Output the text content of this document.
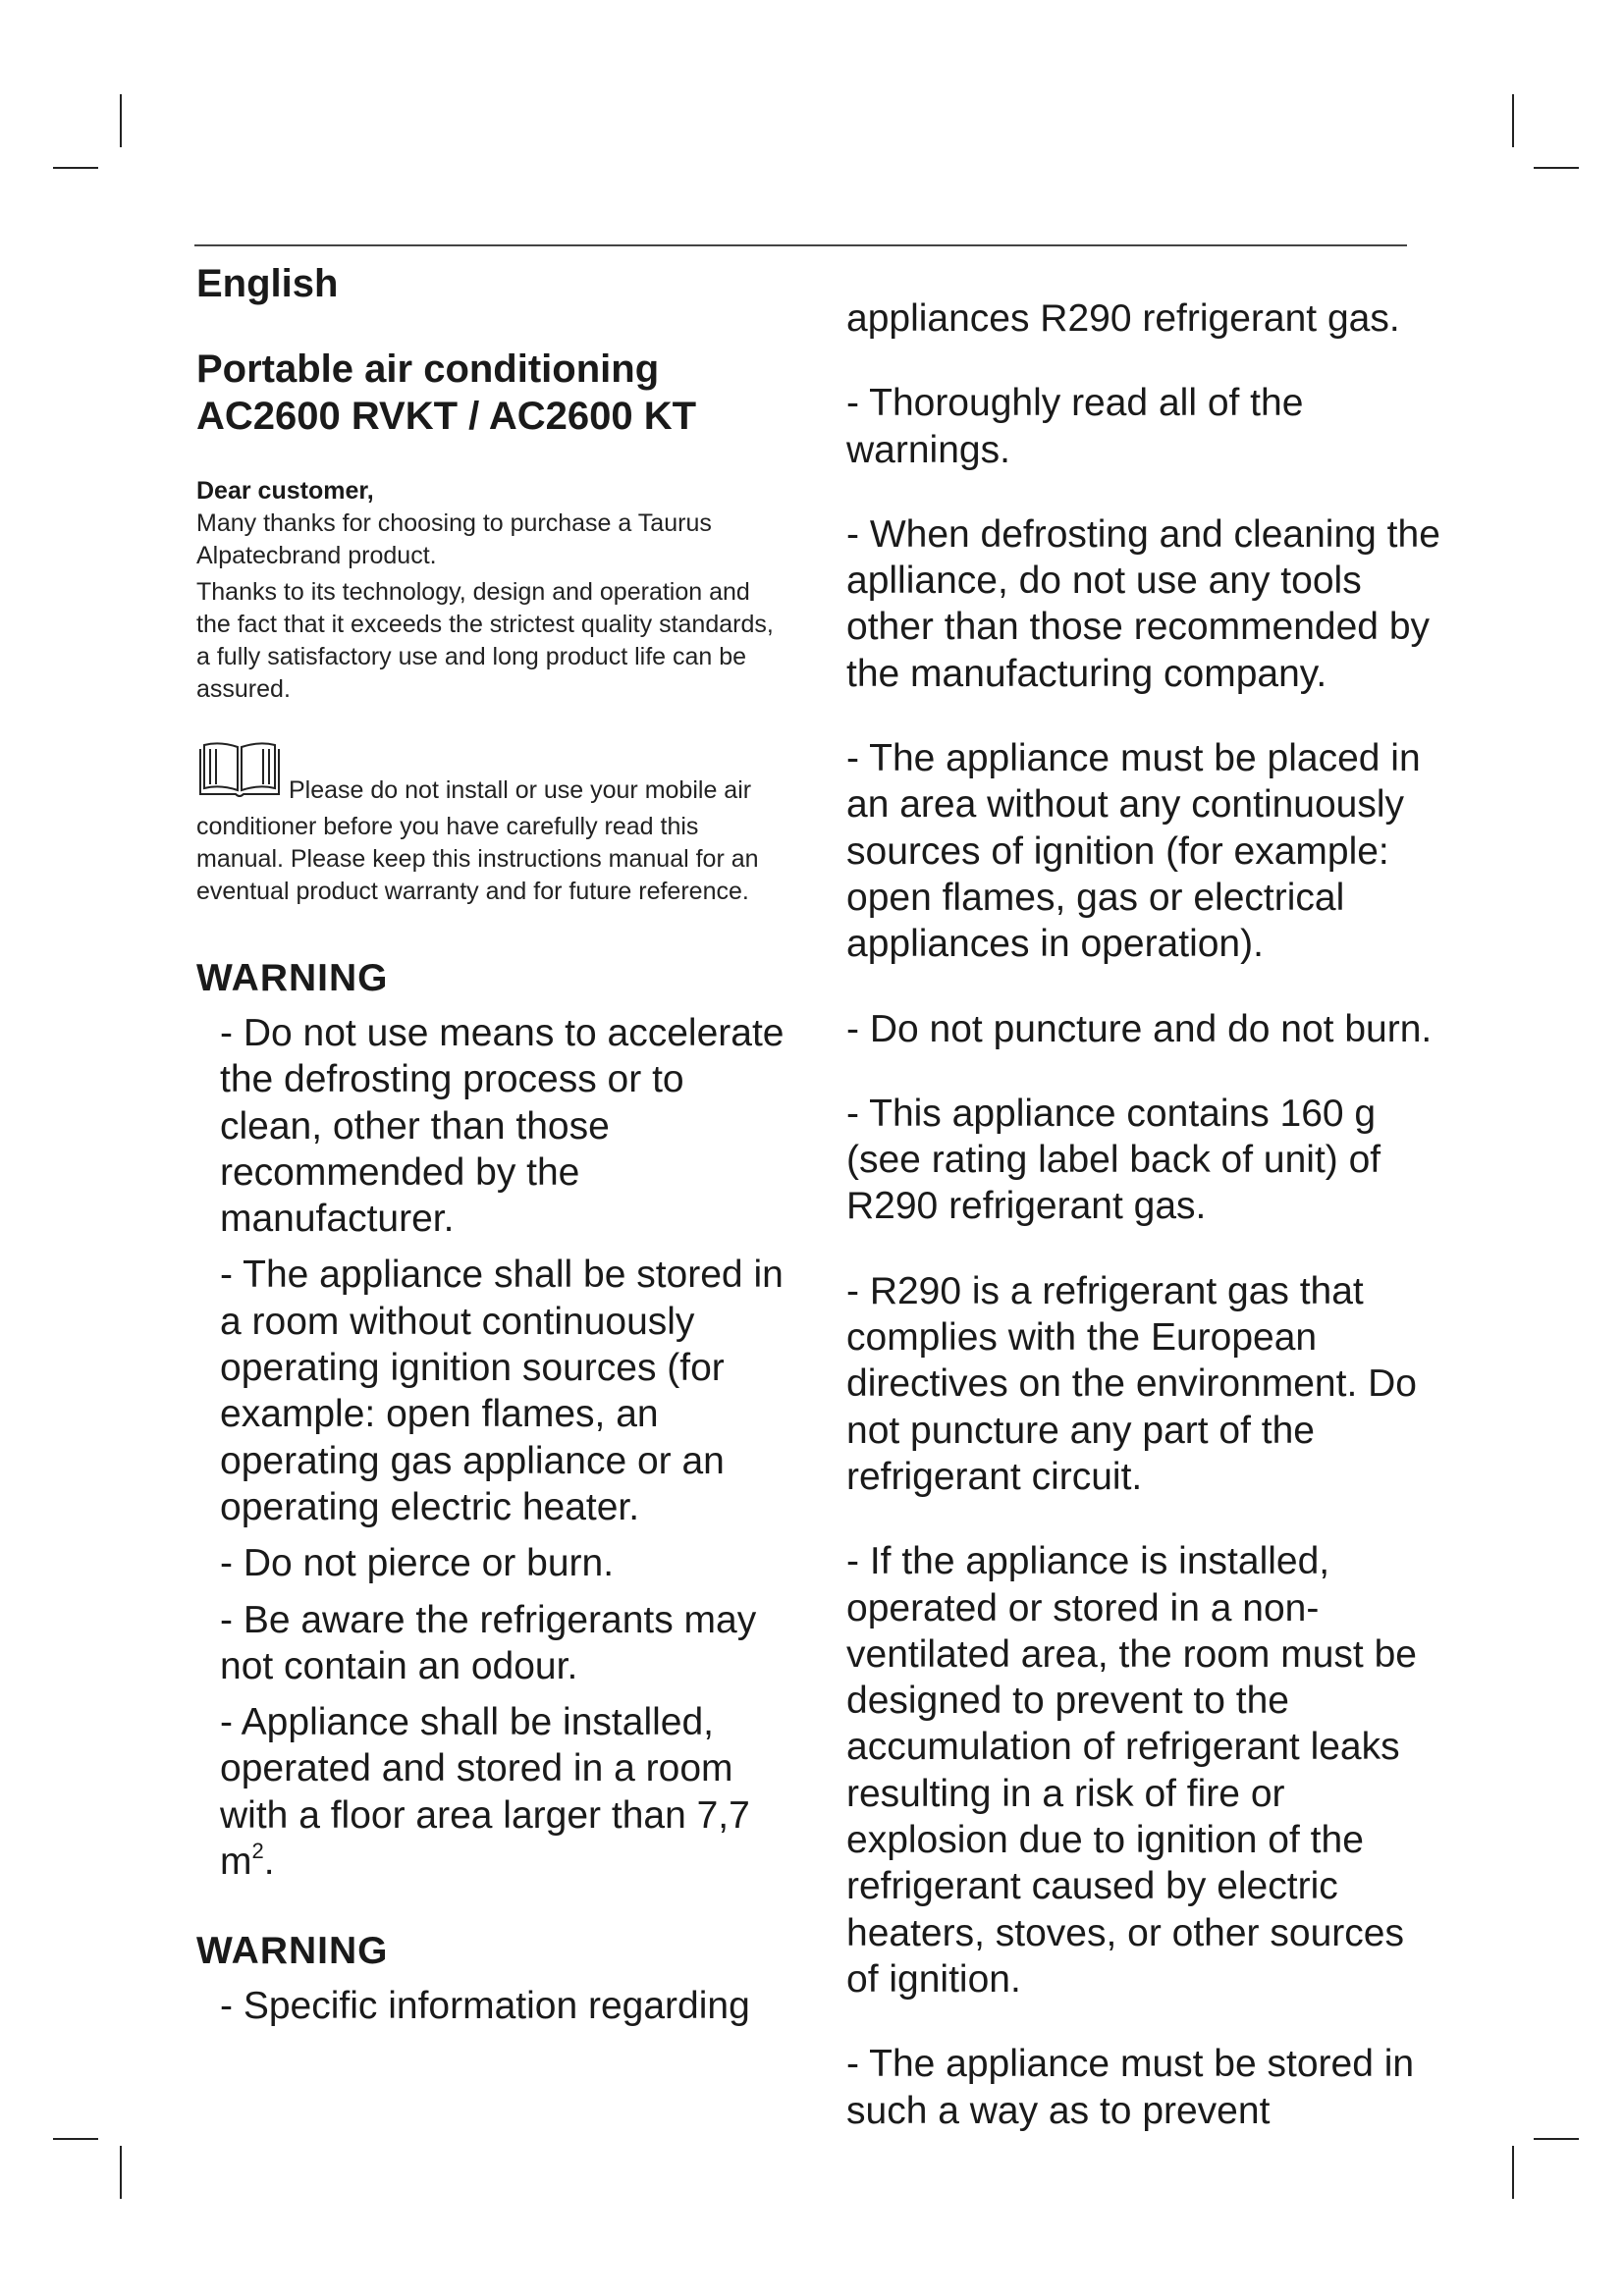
English
Portable air conditioning
AC2600 RVKT / AC2600 KT
Dear customer,

Many thanks for choosing to purchase a Taurus Alpatecbrand product.

Thanks to its technology, design and operation and the fact that it exceeds the strictest quality standards, a fully satisfactory use and long product life can be assured.

Please do not install or use your mobile air conditioner before you have carefully read this manual. Please keep this instructions manual for an eventual product warranty and for future reference.
WARNING

- Do not use means to accelerate the defrosting process or to clean, other than those recommended by the manufacturer.

- The appliance shall be stored in a room without continuously operating ignition sources (for example: open flames, an operating gas appliance or an operating electric heater.

- Do not pierce or burn.

- Be aware the refrigerants may not contain an odour.

- Appliance shall be installed, operated and stored in a room with a floor area larger than 7,7 $m^2$.

WARNING

- Specific information regarding

appliances R290 refrigerant gas.

- Thoroughly read all of the warnings.

- When defrosting and cleaning the aplliance, do not use any tools other than those recommended by the manufacturing company.

- The appliance must be placed in an area without any continuously sources of ignition (for example: open flames, gas or electrical appliances in operation).

- Do not puncture and do not burn.

- This appliance contains 160 g (see rating label back of unit) of R290 refrigerant gas.

- R290 is a refrigerant gas that complies with the European directives on the environment. Do not puncture any part of the refrigerant circuit.

- If the appliance is installed, operated or stored in a non-ventilated area, the room must be designed to prevent to the accumulation of refrigerant leaks resulting in a risk of fire or explosion due to ignition of the refrigerant caused by electric heaters, stoves, or other sources of ignition.

- The appliance must be stored in such a way as to prevent
